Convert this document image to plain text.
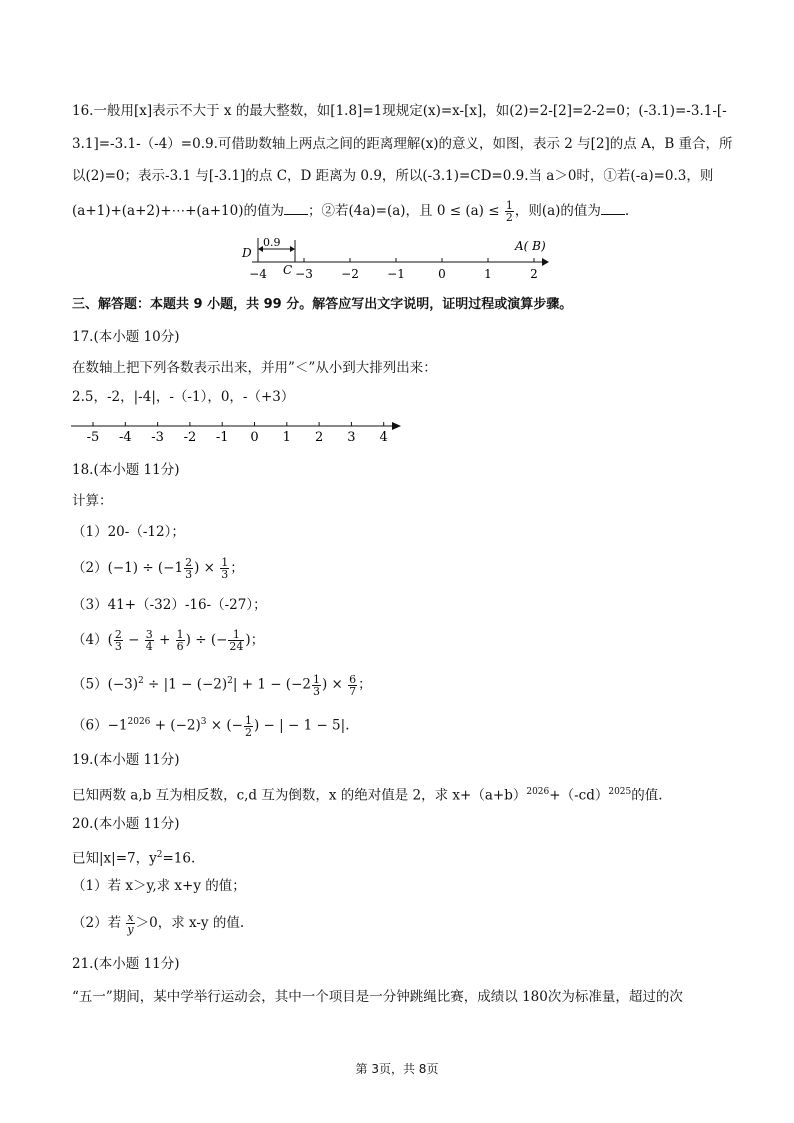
16.一般用[x]表示不大于 x 的最大整数，如[1.8]=1现规定(x)=x-[x]，如(2)=2-[2]=2-2=0；(-3.1)=-3.1-[-
3.1]=-3.1-（-4）=0.9.可借助数轴上两点之间的距离理解(x)的意义，如图，表示 2 与[2]的点 A，B 重合，所
以(2)=0；表示-3.1 与[-3.1]的点 C，D 距离为 0.9，所以(-3.1)=CD=0.9.当 a＞0时，①若(-a)=0.3，则
(a+1)+(a+2)+⋯+(a+10)的值为 ；②若(4a)=(a)，且 $0 \le (a) \le \frac{1}{2}$ ，则(a)的值为 .
−4 −3 −2 −1	0	1	2
0.9
D
C
A( B)
三、解答题：本题共 9 小题，共 99 分。解答应写出文字说明，证明过程或演算步骤。
17.(本小题 10分)
在数轴上把下列各数表示出来，并用”＜”从小到大排列出来：
2.5，-2，|-4|，-（-1），0，-（+3）
-5 -4 -3 -2 -1 0 1 2 3 4
18.(本小题 11分)
计算：
（1）20-（-12）；
$(2)(-1) \div (-1 \frac{2}{3}$ ) × $\frac{1}{3}$ ；
（3）41+（-32）-16-（-27）；
$(4)( \frac{2}{3} - \frac{3}{4} + \frac{1}{6}$ ) ÷ (− $\frac{1}{24}$ )；
$(5)(-3)^2 \div |1 - (-2)^2| + 1 - (-2 \frac{1}{3}$ ) × $\frac{6}{7}$ ；
$(6)-1^{2026} + (-2)^3$ × (− $\frac{1}{2}$ ) − | − 1 − 5|.
19.(本小题 11分)
已知两数 a,b 互为相反数，c,d 互为倒数，x 的绝对值是 2，求 $x+(a+b)^{2026}+(-cd)^{2025}$的值.
20.(本小题 11分)
已知|x|=7，$y^2=16$.
（1）若 x＞y,求 x+y 的值；
（2）若 $\frac{x}{y} >0$，求 x-y 的值.
21.(本小题 11分)
“五一”期间，某中学举行运动会，其中一个项目是一分钟跳绳比赛，成绩以 180次为标准量，超过的次
第 3页，共 8页
